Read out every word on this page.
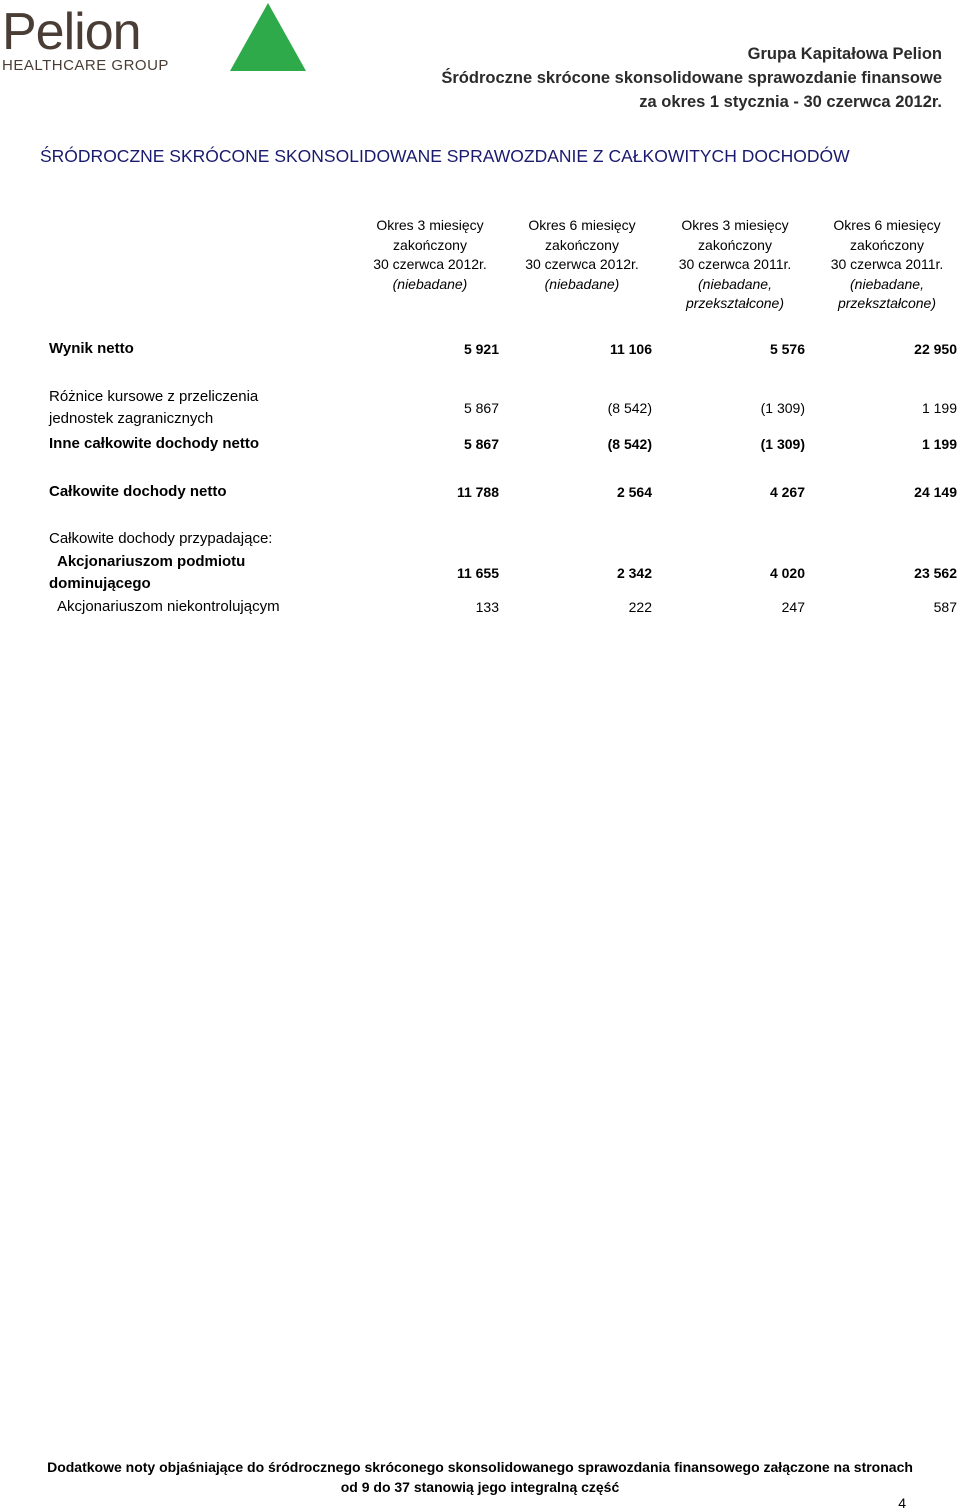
Pelion
HEALTHCARE GROUP
Grupa Kapitałowa Pelion
Śródroczne skrócone skonsolidowane sprawozdanie finansowe
za okres 1 stycznia - 30 czerwca 2012r.
ŚRÓDROCZNE SKRÓCONE SKONSOLIDOWANE SPRAWOZDANIE Z CAŁKOWITYCH DOCHODÓW
Okres 3 miesięcy
zakończony
30 czerwca 2012r.
(niebadane)
Okres 6 miesięcy
zakończony
30 czerwca 2012r.
(niebadane)
Okres 3 miesięcy
zakończony
30 czerwca 2011r.
(niebadane,
przekształcone)
Okres 6 miesięcy
zakończony
30 czerwca 2011r.
(niebadane,
przekształcone)
Wynik netto	5 921	11 106	5 576	22 950
Różnice kursowe z przeliczenia
jednostek zagranicznych
5 867	(8 542)	(1 309)	1 199
Inne całkowite dochody netto	5 867	(8 542)	(1 309)	1 199
Całkowite dochody netto	11 788	2 564	4 267	24 149
Całkowite dochody przypadające:
Akcjonariuszom podmiotu
dominującego
11 655	2 342	4 020	23 562
Akcjonariuszom niekontrolującym	133	222	247	587
Dodatkowe noty objaśniające do śródrocznego skróconego skonsolidowanego sprawozdania finansowego załączone na stronach
od 9 do 37 stanowią jego integralną część
4
